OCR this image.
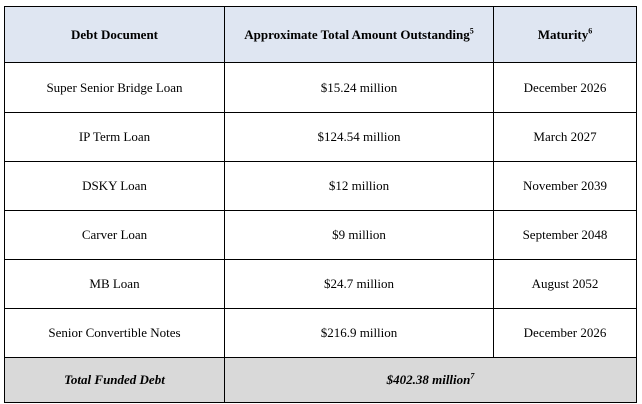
Debt Document	Approximate Total Amount Outstanding$^5$	Maturity$^6$
Super Senior Bridge Loan	$15.24 million	December 2026
IP Term Loan	$124.54 million	March 2027
DSKY Loan	$12 million	November 2039
Carver Loan	$9 million	September 2048
MB Loan	$24.7 million	August 2052
Senior Convertible Notes	$216.9 million	December 2026
Total Funded Debt	$402.38 million$^7$
